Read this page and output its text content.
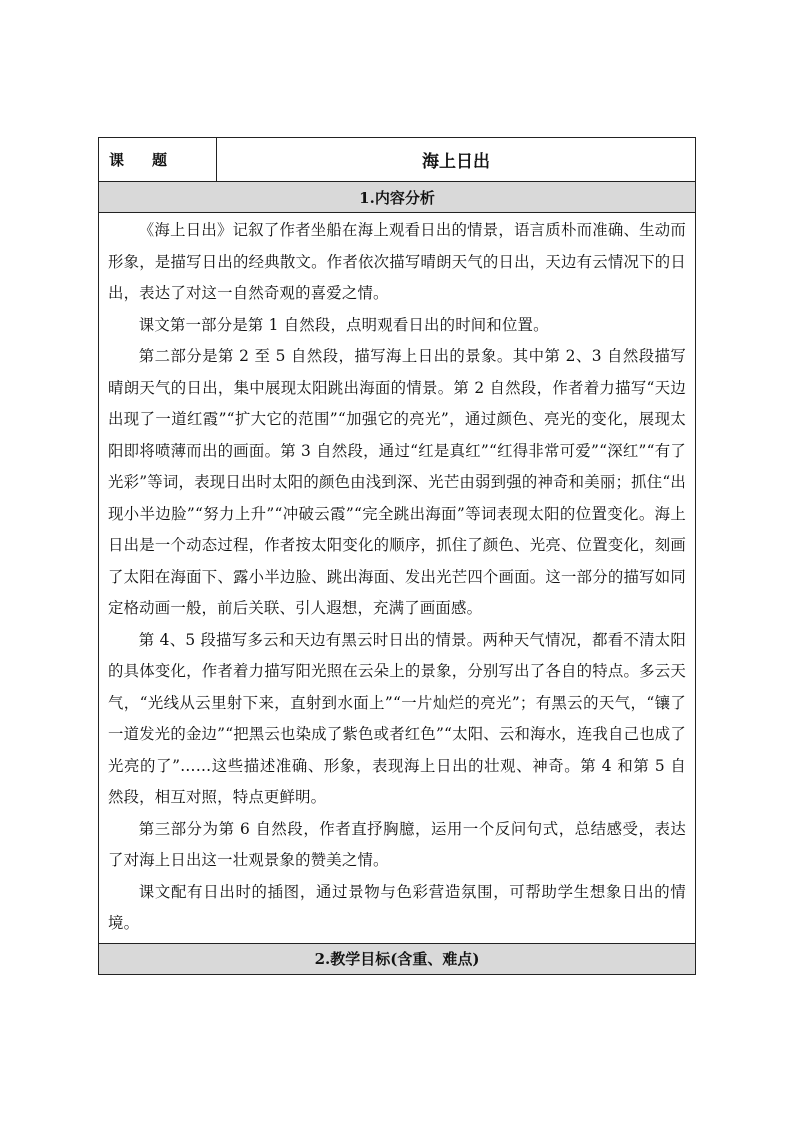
课 题	海上日出
1.内容分析

《海上日出》记叙了作者坐船在海上观看日出的情景，语言质朴而准确、生动而形象，是描写日出的经典散文。作者依次描写晴朗天气的日出，天边有云情况下的日出，表达了对这一自然奇观的喜爱之情。

课文第一部分是第 1 自然段，点明观看日出的时间和位置。

第二部分是第 2 至 5 自然段，描写海上日出的景象。其中第 2、3 自然段描写晴朗天气的日出，集中展现太阳跳出海面的情景。第 2 自然段，作者着力描写“天边出现了一道红霞”“扩大它的范围”“加强它的亮光”，通过颜色、亮光的变化，展现太阳即将喷薄而出的画面。第 3 自然段，通过“红是真红”“红得非常可爱”“深红”“有了光彩”等词，表现日出时太阳的颜色由浅到深、光芒由弱到强的神奇和美丽；抓住“出现小半边脸”“努力上升”“冲破云霞”“完全跳出海面”等词表现太阳的位置变化。海上日出是一个动态过程，作者按太阳变化的顺序，抓住了颜色、光亮、位置变化，刻画了太阳在海面下、露小半边脸、跳出海面、发出光芒四个画面。这一部分的描写如同定格动画一般，前后关联、引人遐想，充满了画面感。

第 4、5 段描写多云和天边有黑云时日出的情景。两种天气情况，都看不清太阳的具体变化，作者着力描写阳光照在云朵上的景象，分别写出了各自的特点。多云天气，“光线从云里射下来，直射到水面上”“一片灿烂的亮光”；有黑云的天气，“镶了一道发光的金边”“把黑云也染成了紫色或者红色”“太阳、云和海水，连我自己也成了光亮的了”……这些描述准确、形象，表现海上日出的壮观、神奇。第 4 和第 5 自然段，相互对照，特点更鲜明。

第三部分为第 6 自然段，作者直抒胸臆，运用一个反问句式，总结感受，表达了对海上日出这一壮观景象的赞美之情。

课文配有日出时的插图，通过景物与色彩营造氛围，可帮助学生想象日出的情境。

2.教学目标(含重、难点)
